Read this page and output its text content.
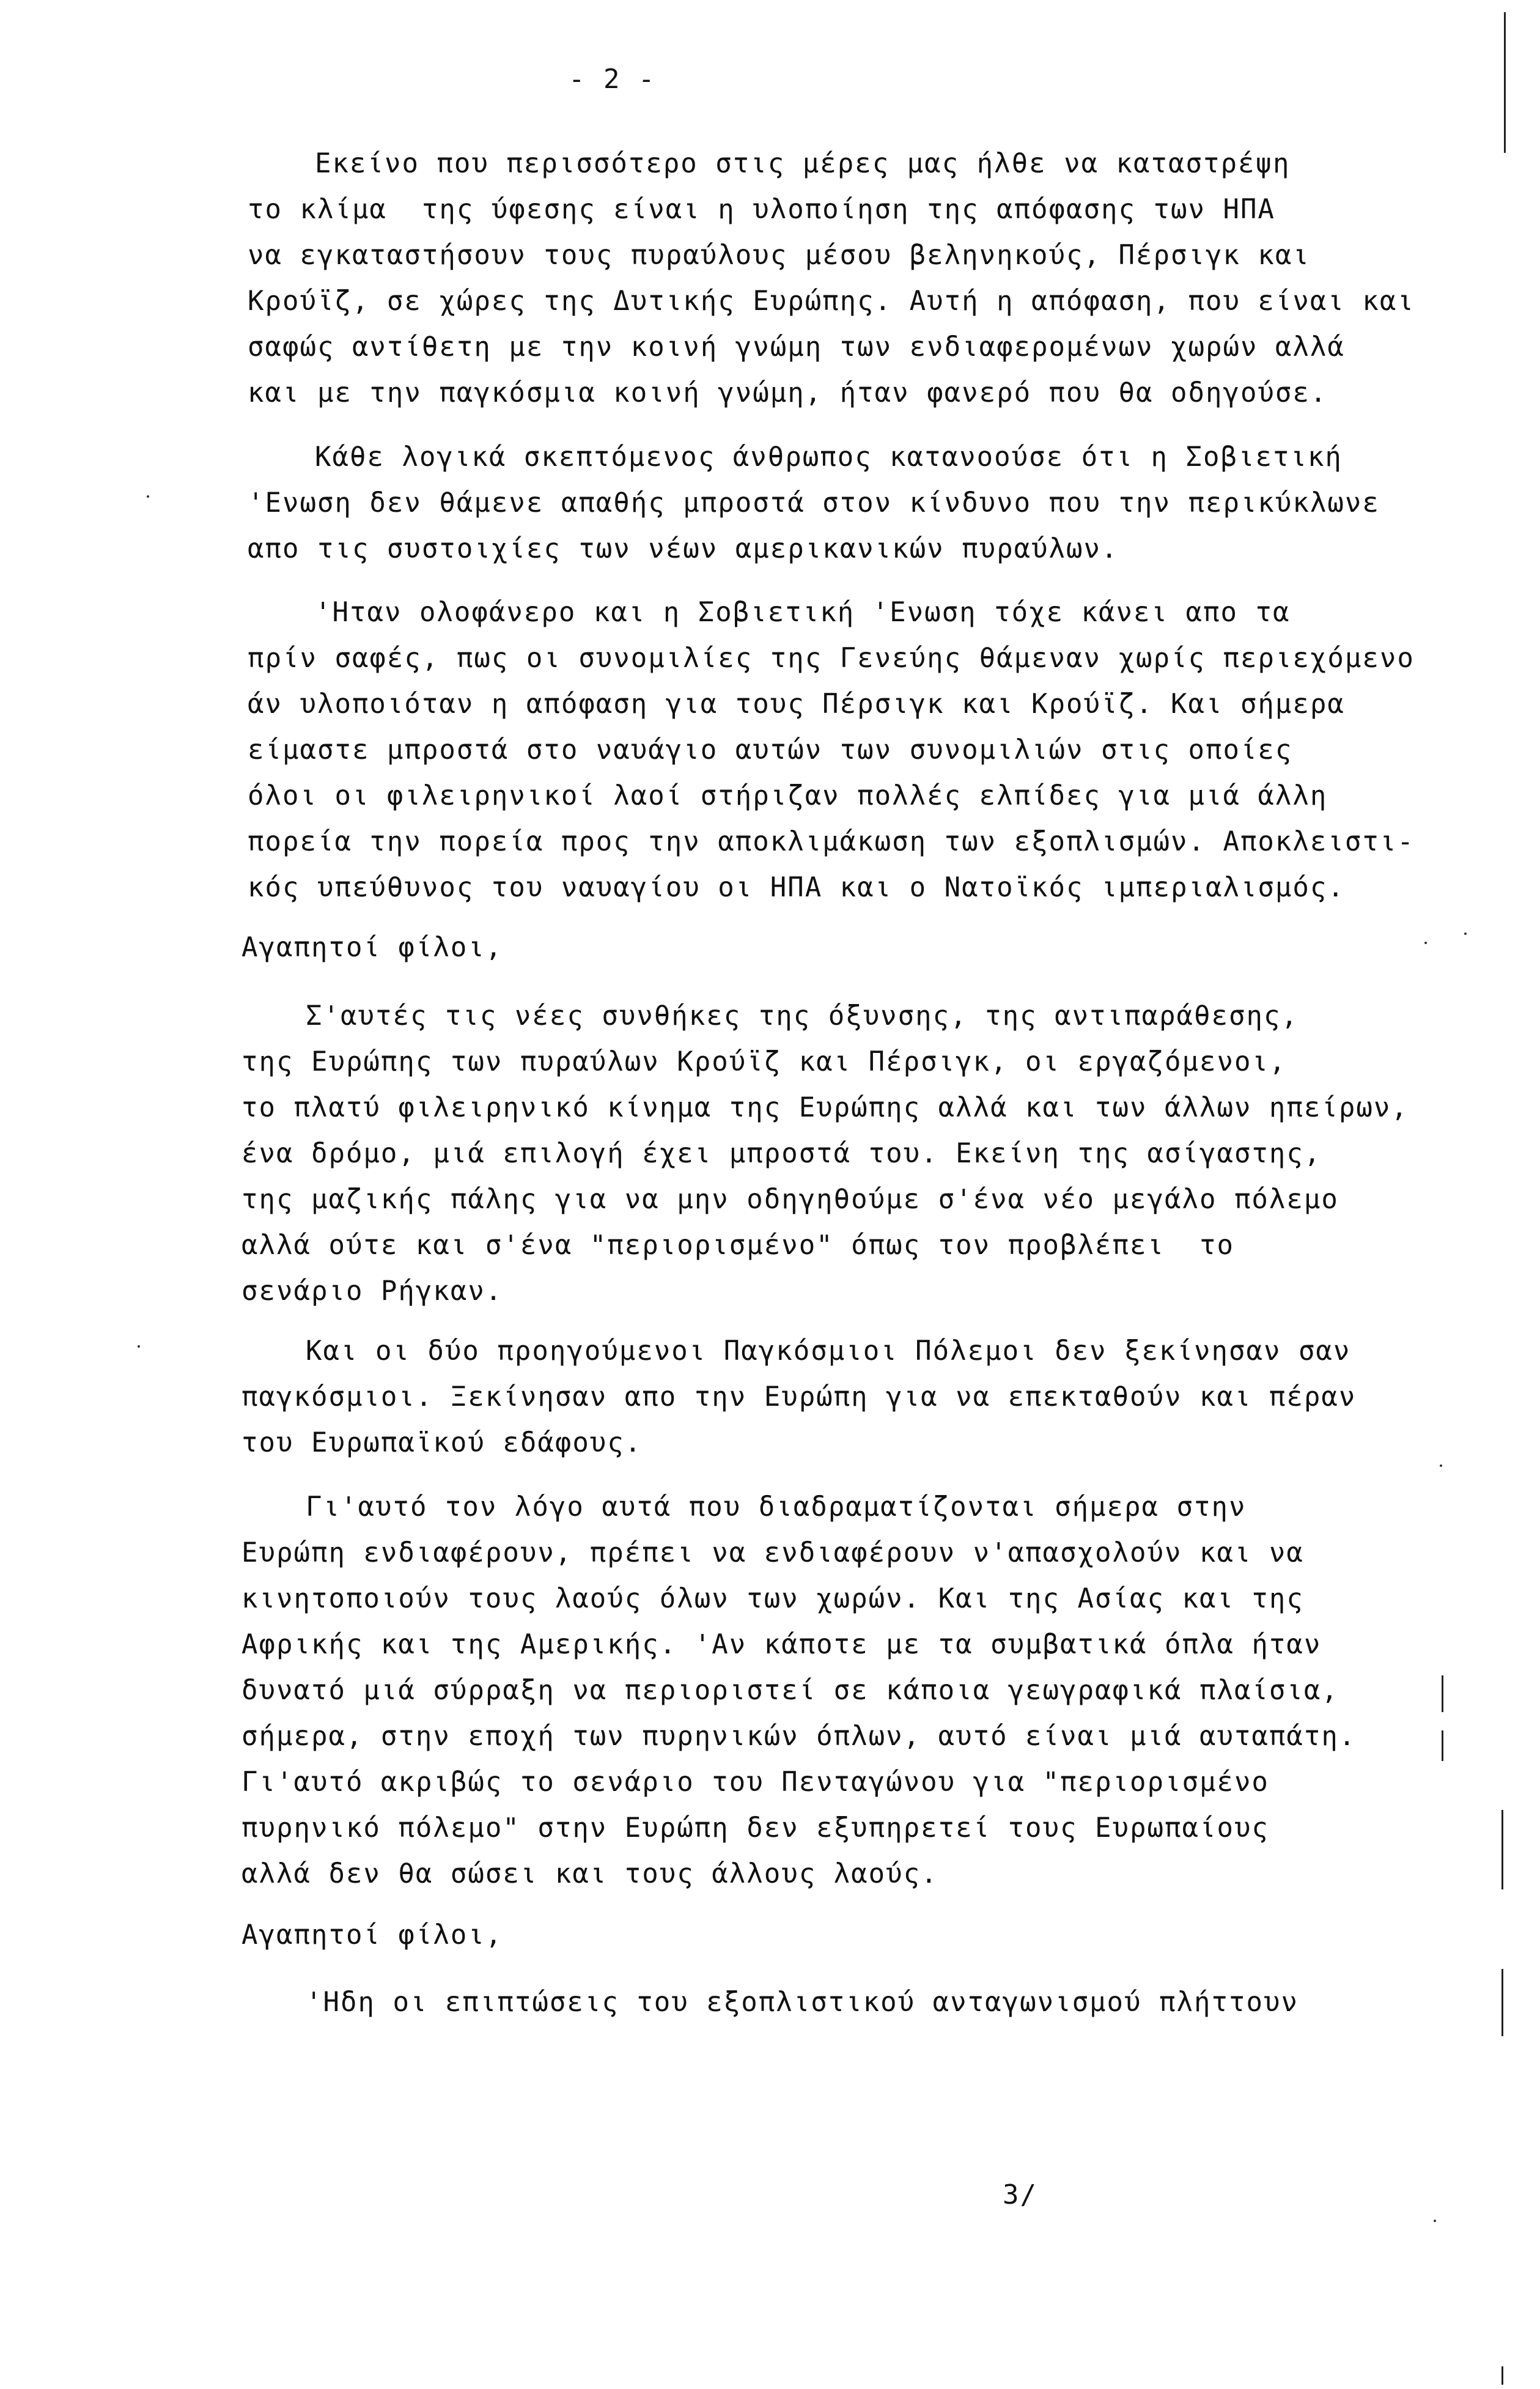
- 2 -
Εκείνο που περισσότερο στις μέρες μας ήλθε να καταστρέψη
το κλίμα  της ύφεσης είναι η υλοποίηση της απόφασης των ΗΠΑ
να εγκαταστήσουν τους πυραύλους μέσου βεληνηκούς, Πέρσιγκ και
Κρούϊζ, σε χώρες της Δυτικής Ευρώπης. Αυτή η απόφαση, που είναι και
σαφώς αντίθετη με την κοινή γνώμη των ενδιαφερομένων χωρών αλλά
και με την παγκόσμια κοινή γνώμη, ήταν φανερό που θα οδηγούσε.
Κάθε λογικά σκεπτόμενος άνθρωπος κατανοούσε ότι η Σοβιετική
'Ενωση δεν θάμενε απαθής μπροστά στον κίνδυνο που την περικύκλωνε
απο τις συστοιχίες των νέων αμερικανικών πυραύλων.
'Ηταν ολοφάνερο και η Σοβιετική 'Ενωση τόχε κάνει απο τα
πρίν σαφές, πως οι συνομιλίες της Γενεύης θάμεναν χωρίς περιεχόμενο
άν υλοποιόταν η απόφαση για τους Πέρσιγκ και Κρούϊζ. Και σήμερα
είμαστε μπροστά στο ναυάγιο αυτών των συνομιλιών στις οποίες
όλοι οι φιλειρηνικοί λαοί στήριζαν πολλές ελπίδες για μιά άλλη
πορεία την πορεία προς την αποκλιμάκωση των εξοπλισμών. Αποκλειστι-
κός υπεύθυνος του ναυαγίου οι ΗΠΑ και ο Νατοϊκός ιμπεριαλισμός.
Αγαπητοί φίλοι,
Σ'αυτές τις νέες συνθήκες της όξυνσης, της αντιπαράθεσης,
της Ευρώπης των πυραύλων Κρούϊζ και Πέρσιγκ, οι εργαζόμενοι,
το πλατύ φιλειρηνικό κίνημα της Ευρώπης αλλά και των άλλων ηπείρων,
ένα δρόμο, μιά επιλογή έχει μπροστά του. Εκείνη της ασίγαστης,
της μαζικής πάλης για να μην οδηγηθούμε σ'ένα νέο μεγάλο πόλεμο
αλλά ούτε και σ'ένα "περιορισμένο" όπως τον προβλέπει  το
σενάριο Ρήγκαν.
Και οι δύο προηγούμενοι Παγκόσμιοι Πόλεμοι δεν ξεκίνησαν σαν
παγκόσμιοι. Ξεκίνησαν απο την Ευρώπη για να επεκταθούν και πέραν
του Ευρωπαϊκού εδάφους.
Γι'αυτό τον λόγο αυτά που διαδραματίζονται σήμερα στην
Ευρώπη ενδιαφέρουν, πρέπει να ενδιαφέρουν ν'απασχολούν και να
κινητοποιούν τους λαούς όλων των χωρών. Και της Ασίας και της
Αφρικής και της Αμερικής. 'Αν κάποτε με τα συμβατικά όπλα ήταν
δυνατό μιά σύρραξη να περιοριστεί σε κάποια γεωγραφικά πλαίσια,
σήμερα, στην εποχή των πυρηνικών όπλων, αυτό είναι μιά αυταπάτη.
Γι'αυτό ακριβώς το σενάριο του Πενταγώνου για "περιορισμένο
πυρηνικό πόλεμο" στην Ευρώπη δεν εξυπηρετεί τους Ευρωπαίους
αλλά δεν θα σώσει και τους άλλους λαούς.
Αγαπητοί φίλοι,
'Ηδη οι επιπτώσεις του εξοπλιστικού ανταγωνισμού πλήττουν
3/
